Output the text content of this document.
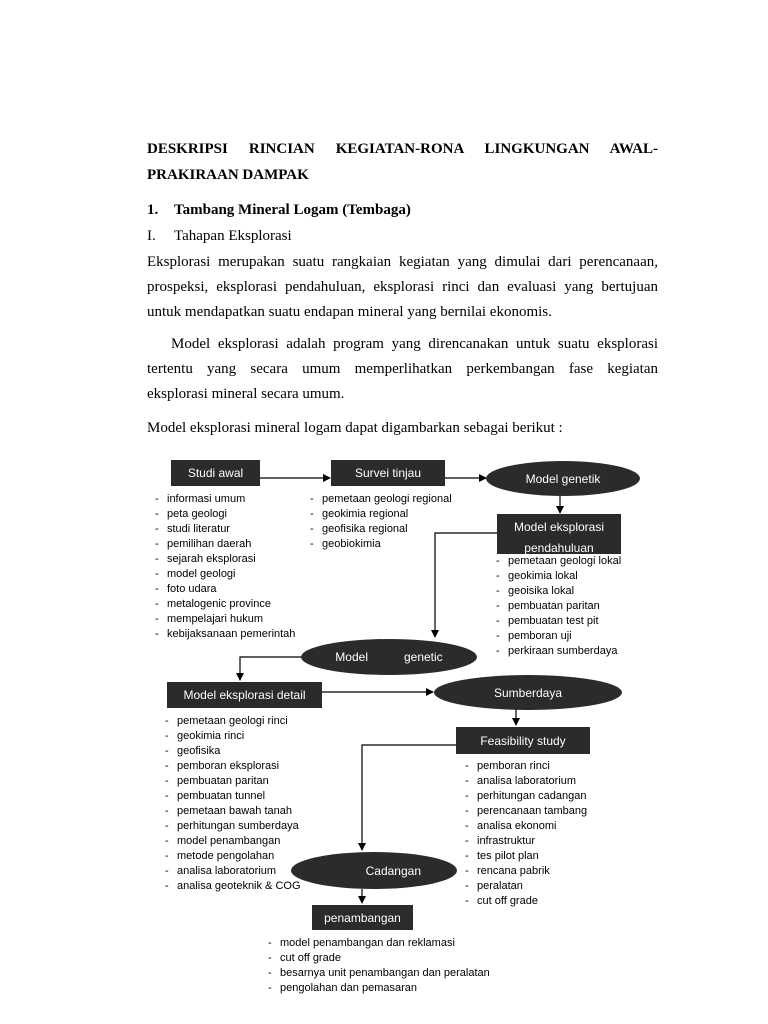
DESKRIPSI RINCIAN KEGIATAN-RONA LINGKUNGAN AWAL-
PRAKIRAAN DAMPAK
1. Tambang Mineral Logam (Tembaga)
I. Tahapan Eksplorasi
Eksplorasi merupakan suatu rangkaian kegiatan yang dimulai dari perencanaan,
prospeksi, eksplorasi pendahuluan, eksplorasi rinci dan evaluasi yang bertujuan
untuk mendapatkan suatu endapan mineral yang bernilai ekonomis.
Model eksplorasi adalah program yang direncanakan untuk suatu eksplorasi
tertentu yang secara umum memperlihatkan perkembangan fase kegiatan
eksplorasi mineral secara umum.
Model eksplorasi mineral logam dapat digambarkan sebagai berikut :
Studi awal
- informasi umum
- peta geologi
- studi literatur
- pemilihan daerah
- sejarah eksplorasi
- model geologi
- foto udara
- metalogenic province
- mempelajari hukum
- kebijaksanaan pemerintah
Survei tinjau
- pemetaan geologi regional
- geokimia regional
- geofisika regional
- geobiokimia
Model genetik
Model eksplorasi
pendahuluan
- pemetaan geologi lokal
- geokimia lokal
- geoisika lokal
- pembuatan paritan
- pembuatan test pit
- pemboran uji
- perkiraan sumberdaya
Model	genetic
Model eksplorasi detail
- pemetaan geologi rinci
- geokimia rinci
- geofisika
- pemboran eksplorasi
- pembuatan paritan
- pembuatan tunnel
- pemetaan bawah tanah
- perhitungan sumberdaya
- model penambangan
- metode pengolahan
- analisa laboratorium
- analisa geoteknik & COG
Sumberdaya
Feasibility study
- pemboran rinci
- analisa laboratorium
- perhitungan cadangan
- perencanaan tambang
- analisa ekonomi
- infrastruktur
- tes pilot plan
- rencana pabrik
- peralatan
- cut off grade
Cadangan
penambangan
- model penambangan dan reklamasi
- cut off grade
- besarnya unit penambangan dan peralatan
- pengolahan dan pemasaran
